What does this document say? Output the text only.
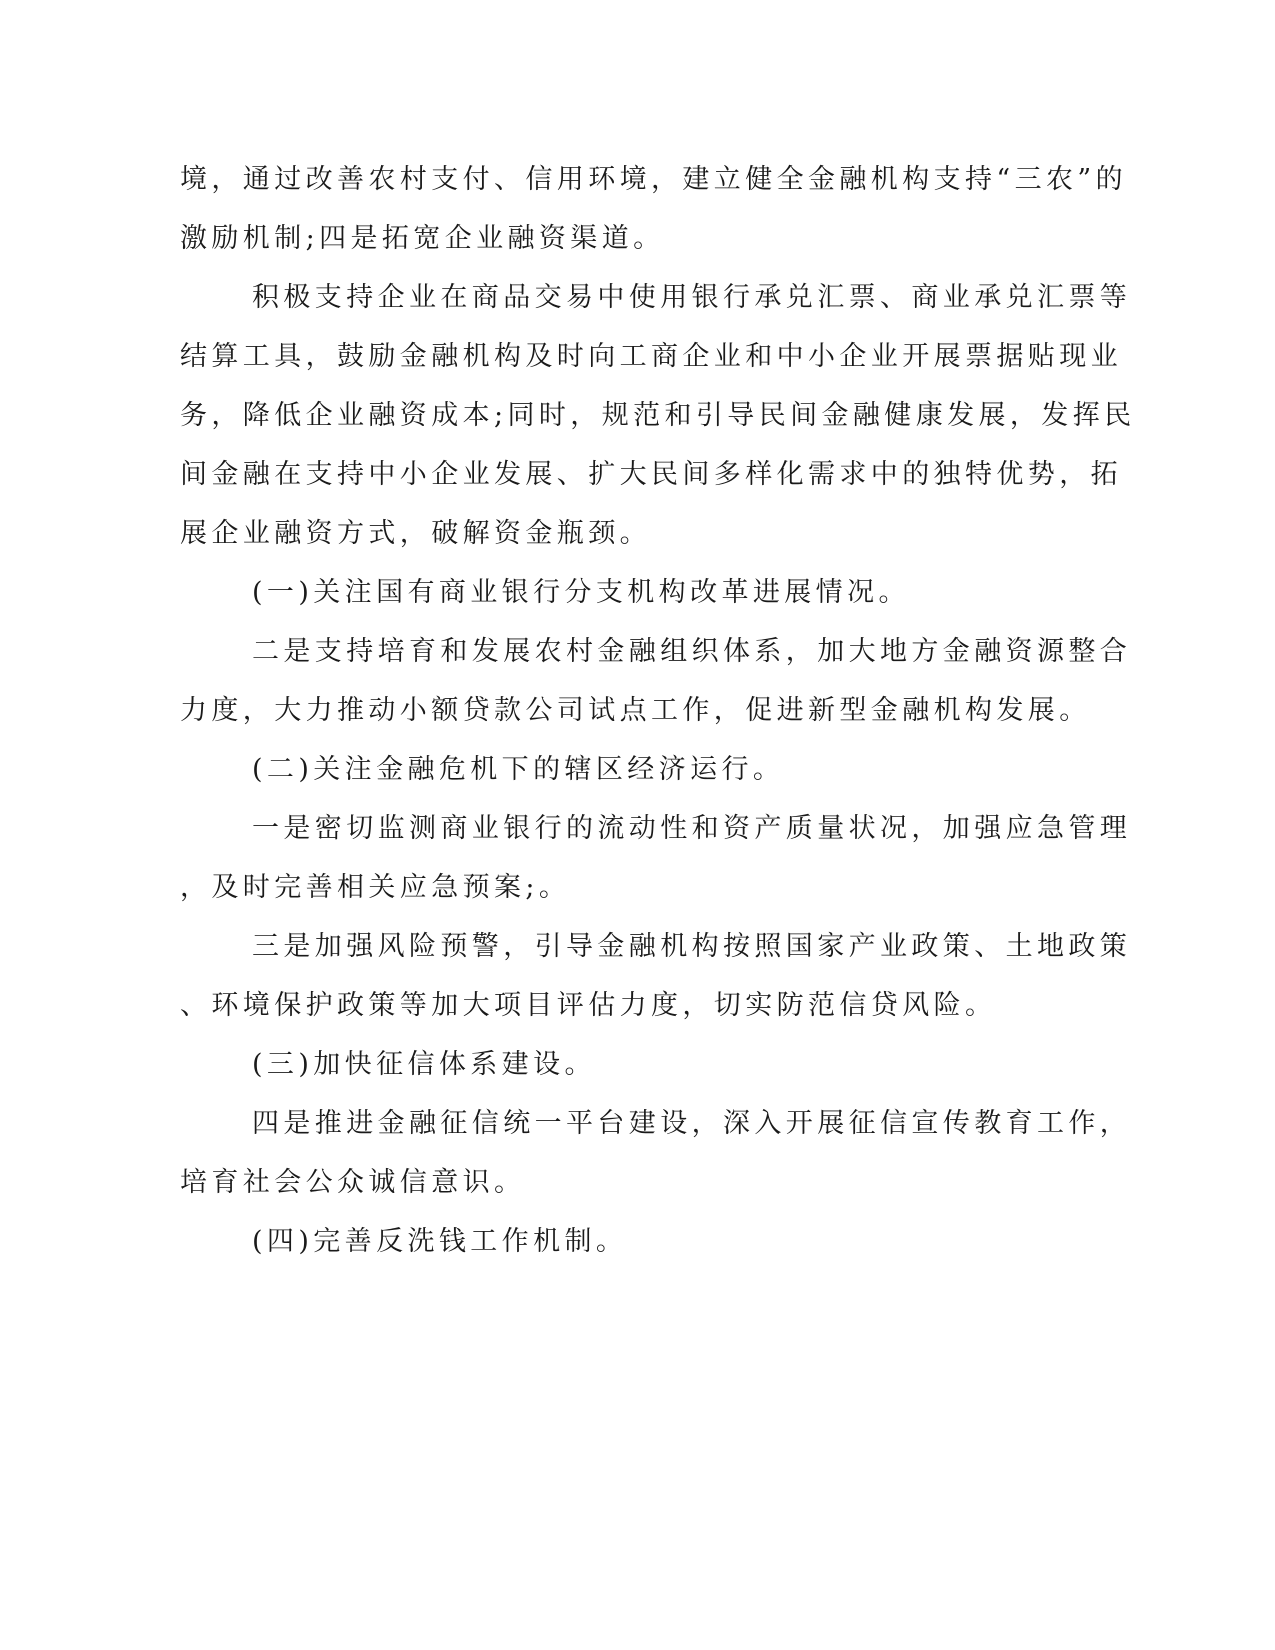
境，通过改善农村支付、信用环境，建立健全金融机构支持“三农”的
激励机制;四是拓宽企业融资渠道。
积极支持企业在商品交易中使用银行承兑汇票、商业承兑汇票等
结算工具，鼓励金融机构及时向工商企业和中小企业开展票据贴现业
务，降低企业融资成本;同时，规范和引导民间金融健康发展，发挥民
间金融在支持中小企业发展、扩大民间多样化需求中的独特优势，拓
展企业融资方式，破解资金瓶颈。
(一)关注国有商业银行分支机构改革进展情况。
二是支持培育和发展农村金融组织体系，加大地方金融资源整合
力度，大力推动小额贷款公司试点工作，促进新型金融机构发展。
(二)关注金融危机下的辖区经济运行。
一是密切监测商业银行的流动性和资产质量状况，加强应急管理
，及时完善相关应急预案;。
三是加强风险预警，引导金融机构按照国家产业政策、土地政策
、环境保护政策等加大项目评估力度，切实防范信贷风险。
(三)加快征信体系建设。
四是推进金融征信统一平台建设，深入开展征信宣传教育工作，
培育社会公众诚信意识。
(四)完善反洗钱工作机制。
